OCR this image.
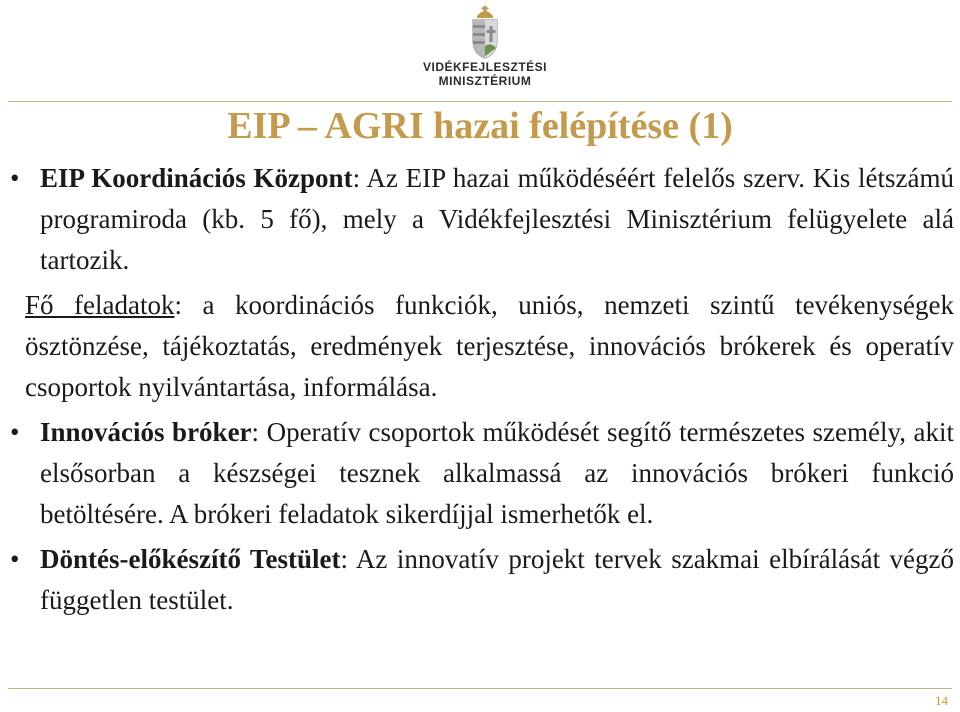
VIDÉKFEJLESZTÉSI
MINISZTÉRIUM
EIP – AGRI hazai felépítése (1)
• EIP Koordinációs Központ: Az EIP hazai működéséért felelős szerv. Kis létszámú programiroda (kb. 5 fő), mely a Vidékfejlesztési Minisztérium felügyelete alá tartozik.
Fő feladatok: a koordinációs funkciók, uniós, nemzeti szintű tevékenységek ösztönzése, tájékoztatás, eredmények terjesztése, innovációs brókerek és operatív csoportok nyilvántartása, informálása.
• Innovációs bróker: Operatív csoportok működését segítő természetes személy, akit elsősorban a készségei tesznek alkalmassá az innovációs brókeri funkció betöltésére. A brókeri feladatok sikerdíjjal ismerhetők el.
• Döntés-előkészítő Testület: Az innovatív projekt tervek szakmai elbírálását végző független testület.
14
